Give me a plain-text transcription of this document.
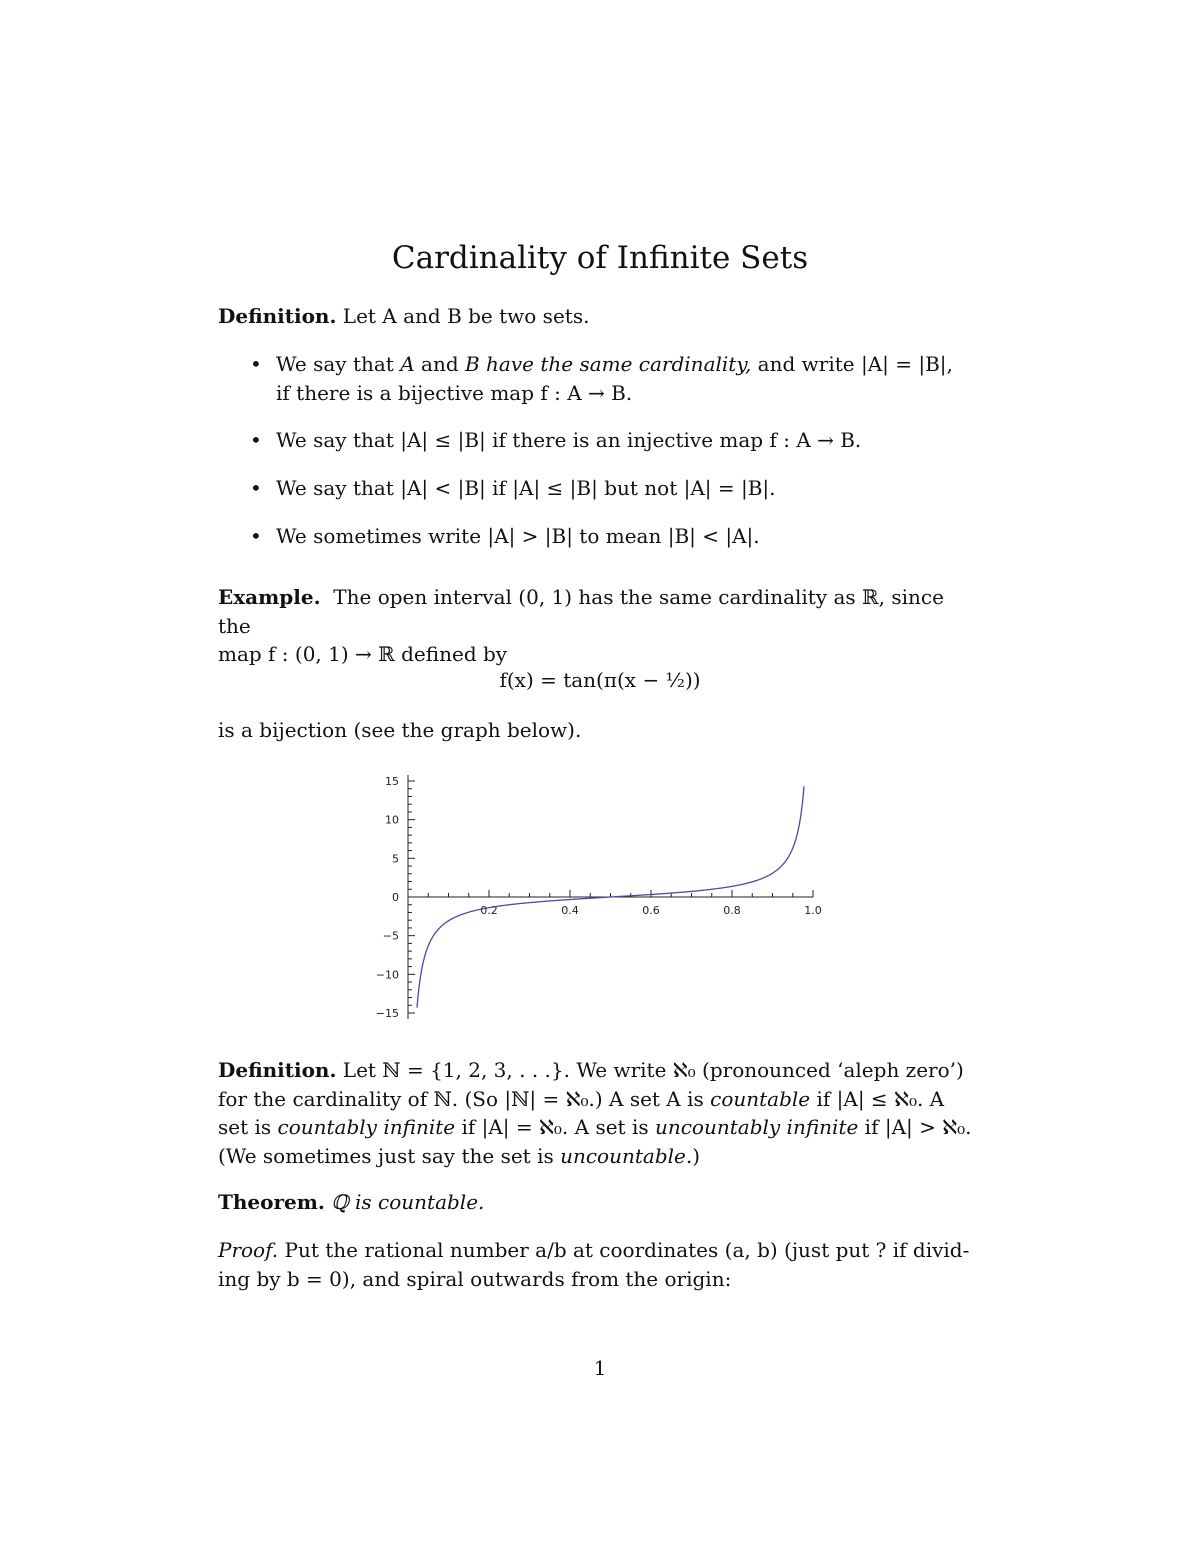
Cardinality of Infinite Sets
Definition. Let A and B be two sets.
• We say that A and B have the same cardinality, and write |A| = |B|,
if there is a bijective map f : A → B.
• We say that |A| ≤ |B| if there is an injective map f : A → B.
• We say that |A| < |B| if |A| ≤ |B| but not |A| = |B|.
• We sometimes write |A| > |B| to mean |B| < |A|.
Example. The open interval (0, 1) has the same cardinality as ℝ, since the
map f : (0, 1) → ℝ defined by
f(x) = tan(π(x − ½))
is a bijection (see the graph below).
0.2	0.4	0.6	0.8	1.0
15
10
5
0
−5
−10
−15
Definition. Let ℕ = {1, 2, 3, . . .}. We write ℵ₀ (pronounced ‘aleph zero’)
for the cardinality of ℕ. (So |ℕ| = ℵ₀.) A set A is countable if |A| ≤ ℵ₀. A
set is countably infinite if |A| = ℵ₀. A set is uncountably infinite if |A| > ℵ₀.
(We sometimes just say the set is uncountable.)
Theorem. ℚ is countable.
Proof. Put the rational number a/b at coordinates (a, b) (just put ? if divid-
ing by b = 0), and spiral outwards from the origin:
1
